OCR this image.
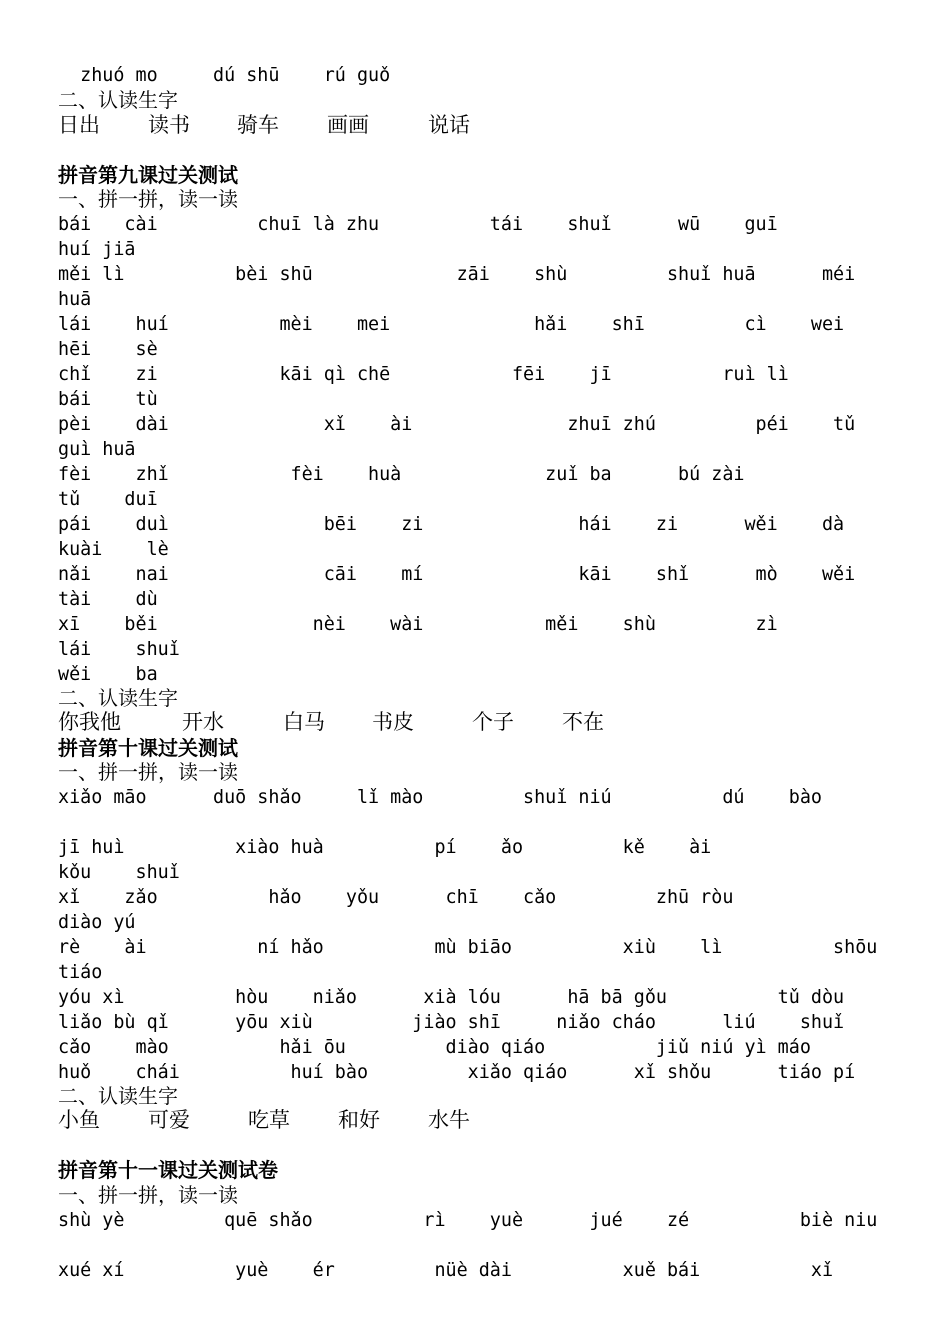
zhuó mo     dú shū    rú guǒ
二、认读生字
日出 读书 骑车 画画	说话
拼音第九课过关测试
一、拼一拼，读一读
bái   cài         chuī là zhu          tái    shuǐ      wū    guī
huí jiā
měi lì          bèi shū             zāi    shù         shuǐ huā      méi
huā
lái    huí          mèi    mei             hǎi    shī         cì    wei
hēi    sè
chǐ    zi           kāi qì chē           fēi    jī          ruì lì
bái    tù
pèi    dài              xǐ    ài              zhuī zhú         péi    tǔ
guì huā
fèi    zhǐ           fèi    huà             zuǐ ba      bú zài
tǔ    duī
pái    duì              bēi    zi              hái    zi      wěi    dà
kuài    lè
nǎi    nai              cāi    mí              kāi    shǐ      mò    wěi
tài    dù
xī    běi              nèi    wài           měi    shù         zì
lái    shuǐ
wěi    ba
二、认读生字
你我他	开水	白马 书皮	个子 不在
拼音第十课过关测试
一、拼一拼，读一读
xiǎo māo      duō shǎo     lǐ mào         shuǐ niú          dú    bào
jī huì          xiào huà          pí    ǎo         kě    ài
kǒu    shuǐ
xǐ    zǎo          hǎo    yǒu      chī    cǎo         zhū ròu
diào yú
rè    ài          ní hǎo          mù biāo          xiù    lì          shōu
tiáo
yóu xì          hòu    niǎo      xià lóu      hā bā gǒu          tǔ dòu
liǎo bù qǐ      yōu xiù         jiào shī     niǎo cháo      liú    shuǐ
cǎo    mào          hǎi ōu         diào qiáo          jiǔ niú yì máo
huǒ    chái          huí bào         xiǎo qiáo      xǐ shǒu      tiáo pí
二、认读生字
小鱼 可爱	吃草 和好 水牛
拼音第十一课过关测试卷
一、拼一拼，读一读
shù yè         quē shǎo          rì    yuè      jué    zé          biè niu
xué xí          yuè    ér         nüè dài          xuě bái          xǐ
